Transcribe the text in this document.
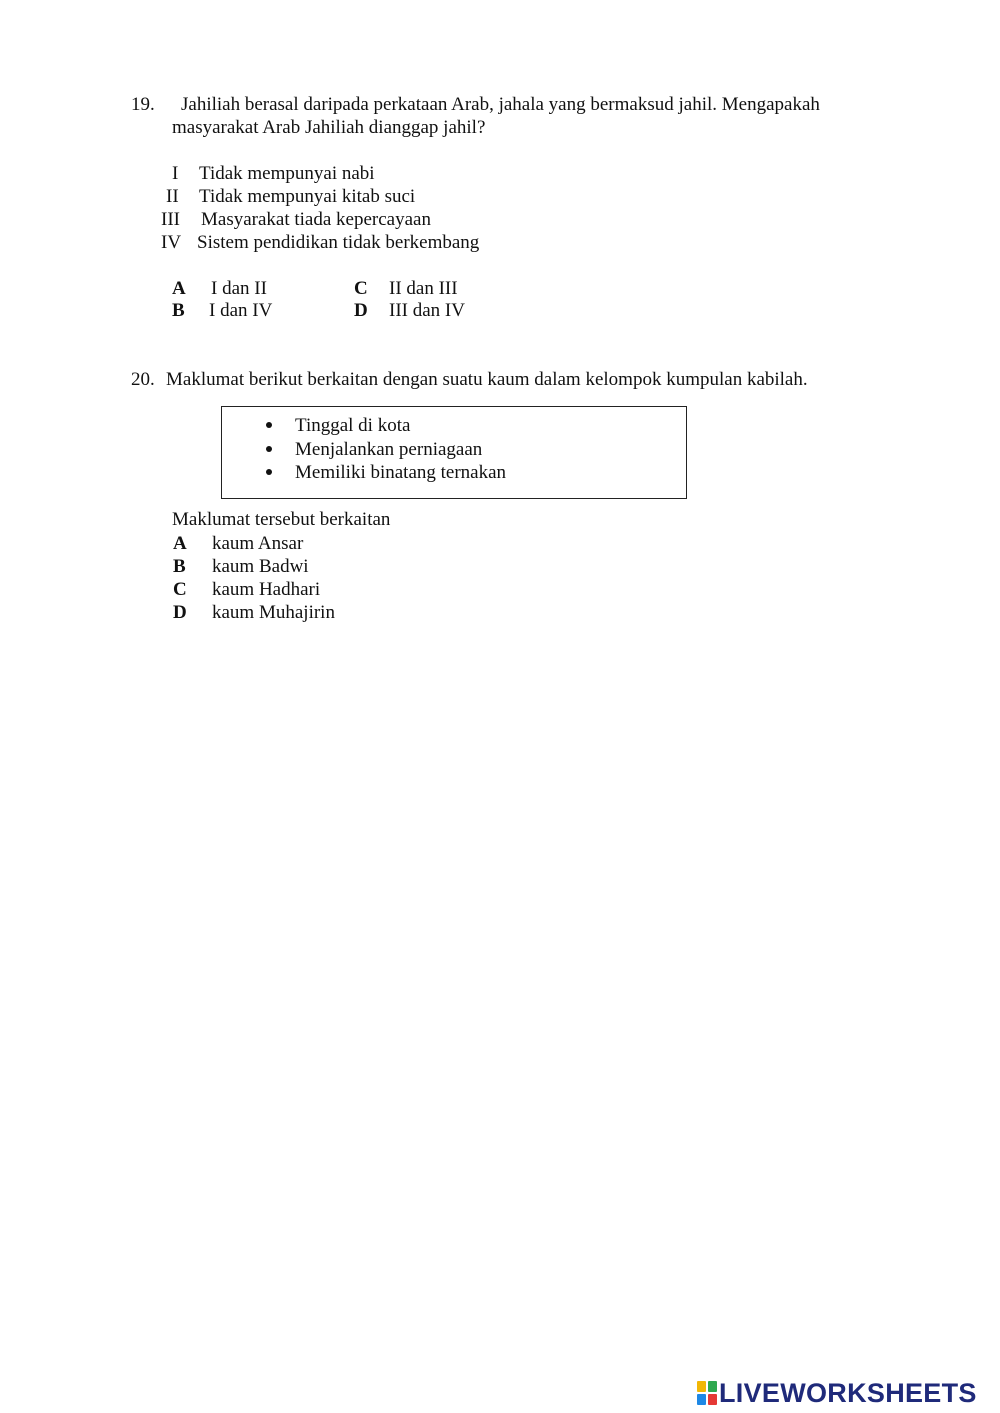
19. Jahiliah berasal daripada perkataan Arab, jahala yang bermaksud jahil. Mengapakah
masyarakat Arab Jahiliah dianggap jahil?
I Tidak mempunyai nabi
II Tidak mempunyai kitab suci
III Masyarakat tiada kepercayaan
IV Sistem pendidikan tidak berkembang
A I dan II
B I dan IV
C II dan III
D III dan IV
20. Maklumat berikut berkaitan dengan suatu kaum dalam kelompok kumpulan kabilah.
Tinggal di kota
Menjalankan perniagaan
Memiliki binatang ternakan
Maklumat tersebut berkaitan
A kaum Ansar
B kaum Badwi
C kaum Hadhari
D kaum Muhajirin
LIVEWORKSHEETS
